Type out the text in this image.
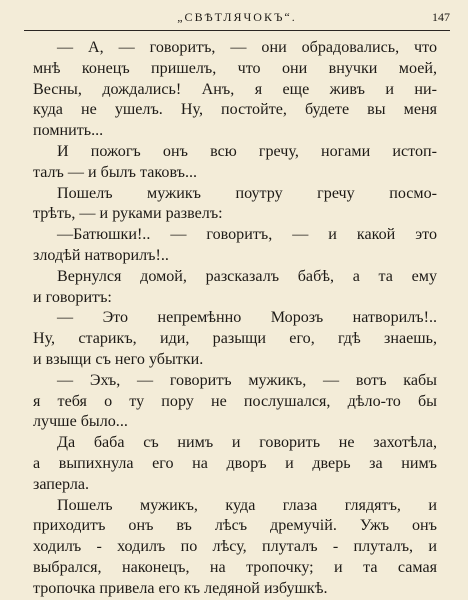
„СВѢТЛЯЧОКЪ“.	147
— А, — говоритъ, — они обрадовались, что
мнѣ конецъ пришелъ, что они внучки моей,
Весны, дождались! Анъ, я еще живъ и ни-
куда не ушелъ. Ну, постойте, будете вы меня
помнить...
И пожогъ онъ всю гречу, ногами истоп-
талъ — и былъ таковъ...
Пошелъ мужикъ поутру гречу посмо-
трѣть, — и руками развелъ:
—Батюшки!.. — говоритъ, — и какой это
злодѣй натворилъ!..
Вернулся домой, разсказалъ бабѣ, а та ему
и говоритъ:
— Это непремѣнно Морозъ натворилъ!..
Ну, старикъ, иди, разыщи его, гдѣ знаешь,
и взыщи съ него убытки.
— Эхъ, — говоритъ мужикъ, — вотъ кабы
я тебя о ту пору не послушался, дѣло-то бы
лучше было...
Да баба съ нимъ и говорить не захотѣла,
а выпихнула его на дворъ и дверь за нимъ
заперла.
Пошелъ мужикъ, куда глаза глядятъ, и
приходитъ онъ въ лѣсъ дремучій. Ужъ онъ
ходилъ - ходилъ по лѣсу, плуталъ - плуталъ, и
выбрался, наконецъ, на тропочку; и та самая
тропочка привела его къ ледяной избушкѣ.
